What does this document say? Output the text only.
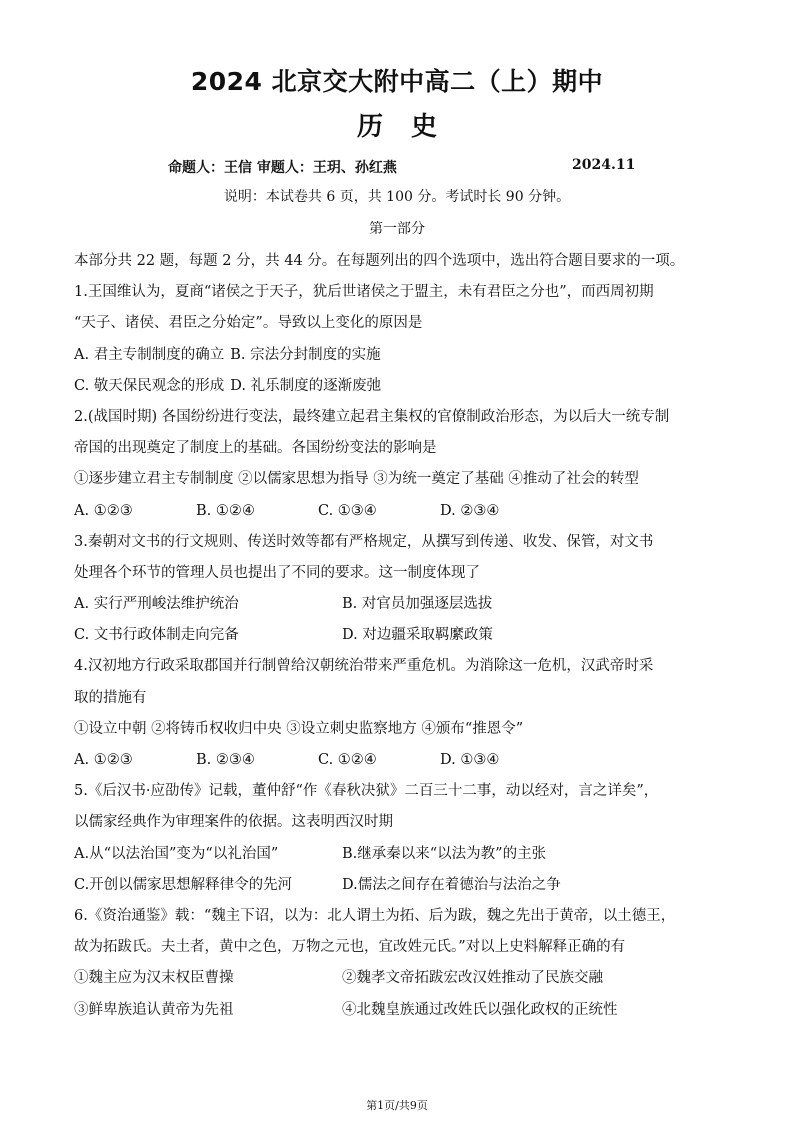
2024 北京交大附中高二（上）期中
历 史
命题人：王信 审题人：王玥、孙红燕	2024.11
说明：本试卷共 6 页，共 100 分。考试时长 90 分钟。
第一部分
本部分共 22 题，每题 2 分，共 44 分。在每题列出的四个选项中，选出符合题目要求的一项。
1.王国维认为，夏商“诸侯之于天子，犹后世诸侯之于盟主，未有君臣之分也”，而西周初期
“天子、诸侯、君臣之分始定”。导致以上变化的原因是
A. 君主专制制度的确立 B. 宗法分封制度的实施
C. 敬天保民观念的形成 D. 礼乐制度的逐渐废弛
2.(战国时期) 各国纷纷进行变法，最终建立起君主集权的官僚制政治形态，为以后大一统专制
帝国的出现奠定了制度上的基础。各国纷纷变法的影响是
①逐步建立君主专制制度 ②以儒家思想为指导 ③为统一奠定了基础 ④推动了社会的转型
A. ①②③	B. ①②④	C. ①③④	D. ②③④
3.秦朝对文书的行文规则、传送时效等都有严格规定，从撰写到传递、收发、保管，对文书
处理各个环节的管理人员也提出了不同的要求。这一制度体现了
A. 实行严刑峻法维护统治	B. 对官员加强逐层选拔
C. 文书行政体制走向完备	D. 对边疆采取羁縻政策
4.汉初地方行政采取郡国并行制曾给汉朝统治带来严重危机。为消除这一危机，汉武帝时采
取的措施有
①设立中朝 ②将铸币权收归中央 ③设立刺史监察地方 ④颁布“推恩令”
A. ①②③	B. ②③④	C. ①②④	D. ①③④
5.《后汉书·应劭传》记载，董仲舒“作《春秋决狱》二百三十二事，动以经对，言之详矣”，
以儒家经典作为审理案件的依据。这表明西汉时期
A.从“以法治国”变为“以礼治国”	B.继承秦以来“以法为教”的主张
C.开创以儒家思想解释律令的先河	D.儒法之间存在着德治与法治之争
6.《资治通鉴》载：“魏主下诏，以为：北人谓土为拓、后为跋，魏之先出于黄帝，以土德王，
故为拓跋氏。夫土者，黄中之色，万物之元也，宜改姓元氏。”对以上史料解释正确的有
①魏主应为汉末权臣曹操	②魏孝文帝拓跋宏改汉姓推动了民族交融
③鲜卑族追认黄帝为先祖	④北魏皇族通过改姓氏以强化政权的正统性
第1页/共9页
